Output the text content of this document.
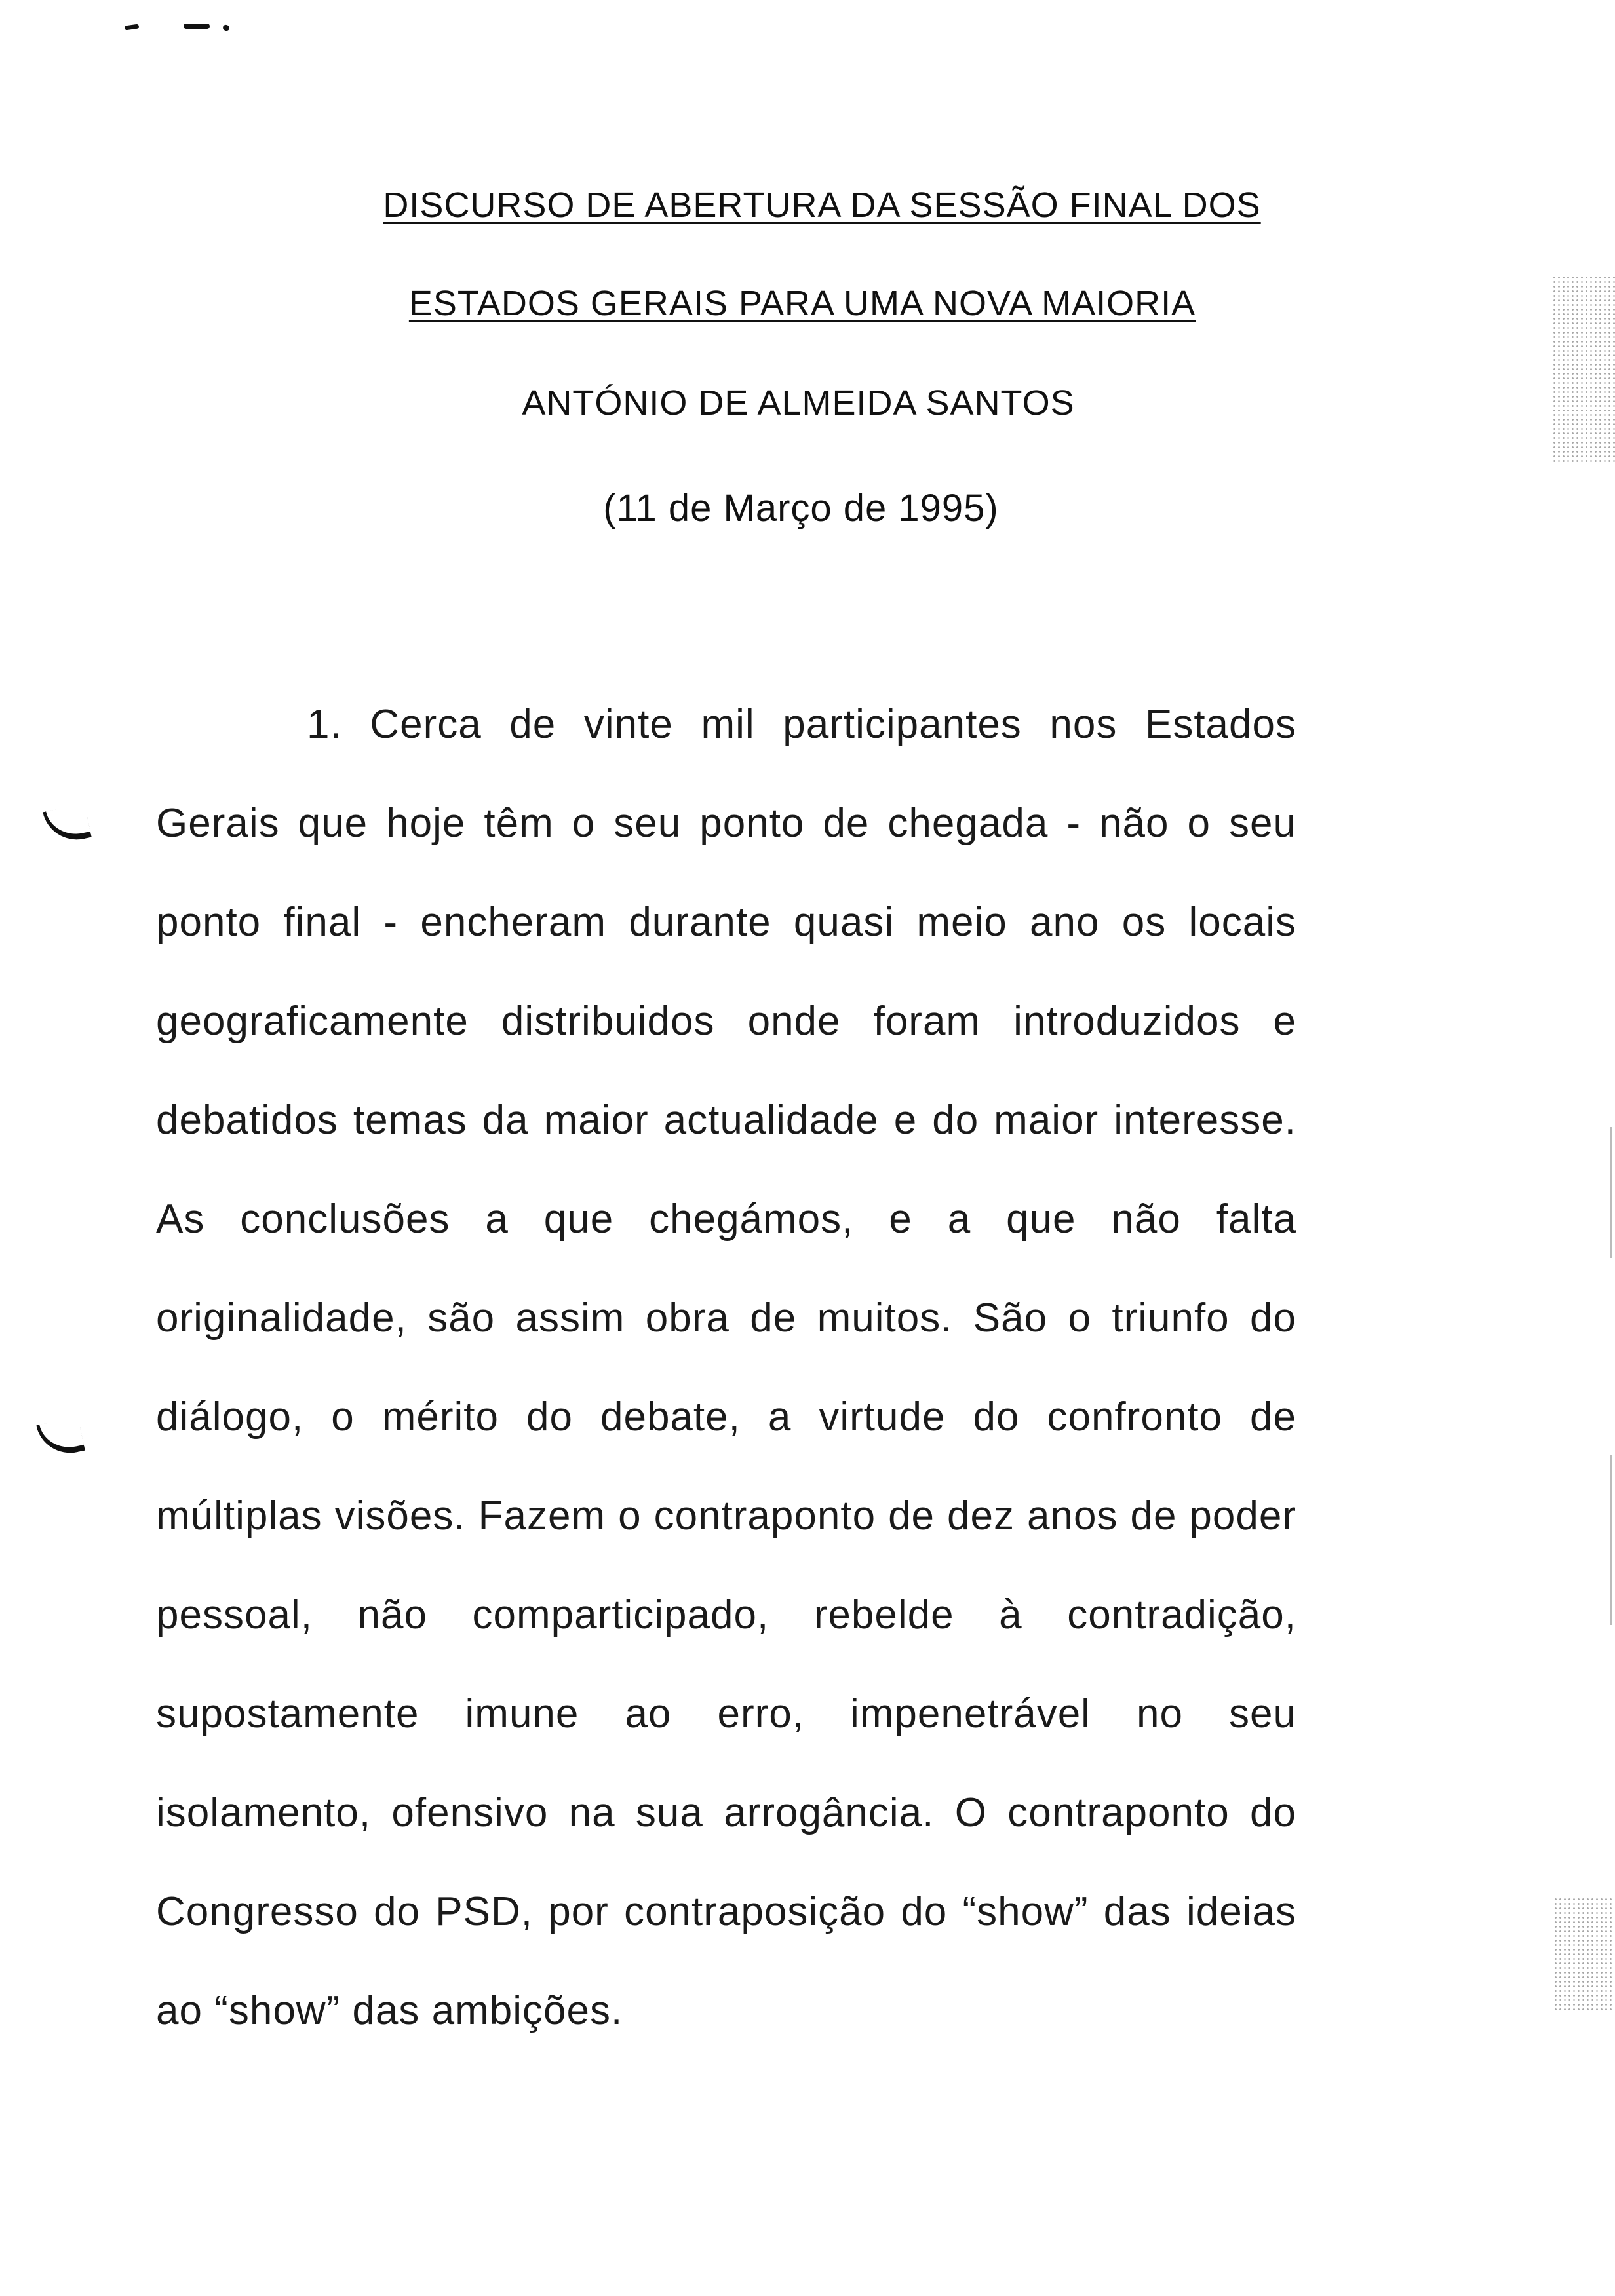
DISCURSO DE ABERTURA DA SESSÃO FINAL DOS
ESTADOS GERAIS PARA UMA NOVA MAIORIA
ANTÓNIO DE ALMEIDA SANTOS
(11 de Março de 1995)
1. Cerca de vinte mil participantes nos Estados Gerais que hoje têm o seu ponto de chegada - não o seu ponto final - encheram durante quasi meio ano os locais geograficamente distribuidos onde foram introduzidos e debatidos temas da maior actualidade e do maior interesse. As conclusões a que chegámos, e a que não falta originalidade, são assim obra de muitos. São o triunfo do diálogo, o mérito do debate, a virtude do confronto de múltiplas visões. Fazem o contraponto de dez anos de poder pessoal, não comparticipado, rebelde à contradição, supostamente imune ao erro, impenetrável no seu isolamento, ofensivo na sua arrogância. O contraponto do Congresso do PSD, por contraposição do “show” das ideias ao “show” das ambições.
